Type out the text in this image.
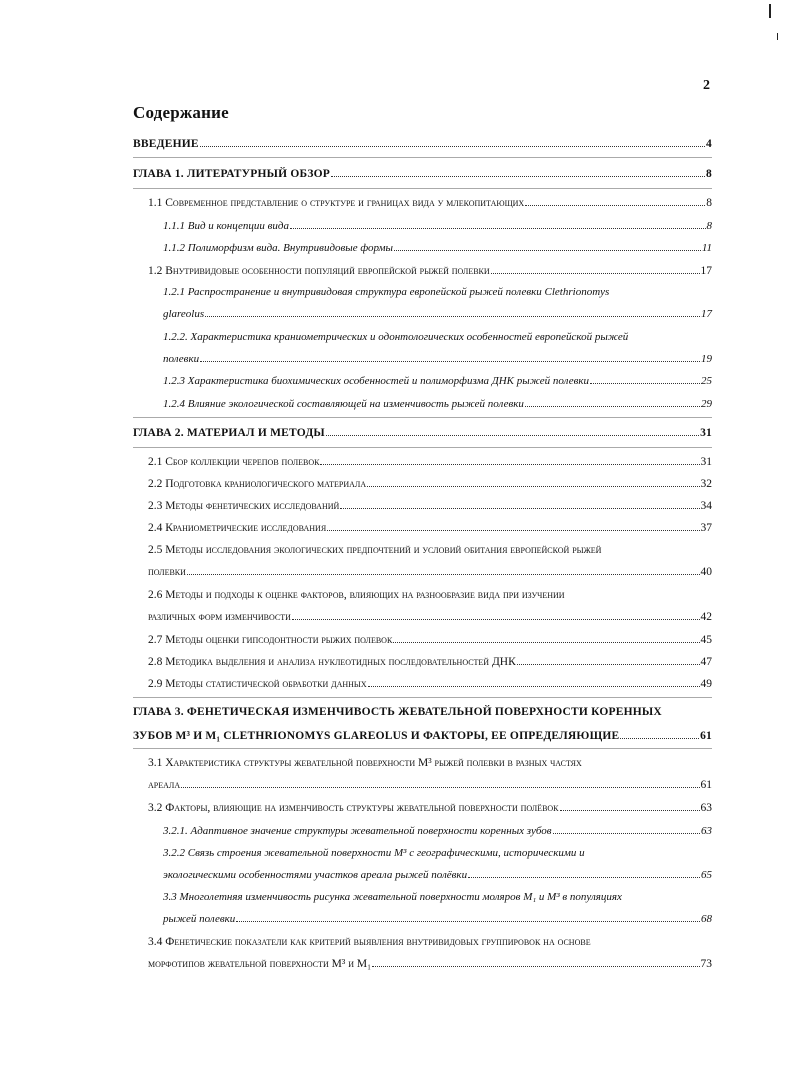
2
Содержание
ВВЕДЕНИЕ	4
ГЛАВА 1. ЛИТЕРАТУРНЫЙ ОБЗОР	8
1.1 Современное представление о структуре и границах вида у млекопитающих	8
1.1.1 Вид и концепции вида	8
1.1.2 Полиморфизм вида. Внутривидовые формы	11
1.2 Внутривидовые особенности популяций европейской рыжей полевки	17
1.2.1 Распространение и внутривидовая структура европейской рыжей полевки Clethrionomys
glareolus	17
1.2.2. Характеристика краниометрических и одонтологических особенностей европейской рыжей
полевки	19
1.2.3 Характеристика биохимических особенностей и полиморфизма ДНК рыжей полевки	25
1.2.4 Влияние экологической составляющей на изменчивость рыжей полевки	29
ГЛАВА 2. МАТЕРИАЛ И МЕТОДЫ	31
2.1 Сбор коллекции черепов полевок	31
2.2 Подготовка краниологического материала	32
2.3 Методы фенетических исследований	34
2.4 Краниометрические исследования	37
2.5 Методы исследования экологических предпочтений и условий обитания европейской рыжей
полевки	40
2.6 Методы и подходы к оценке факторов, влияющих на разнообразие вида при изучении
различных форм изменчивости	42
2.7 Методы оценки гипсодонтности рыжих полевок	45
2.8 Методика выделения и анализа нуклеотидных последовательностей ДНК	47
2.9 Методы статистической обработки данных	49
ГЛАВА 3. ФЕНЕТИЧЕСКАЯ ИЗМЕНЧИВОСТЬ ЖЕВАТЕЛЬНОЙ ПОВЕРХНОСТИ КОРЕННЫХ
ЗУБОВ M³ И M₁ CLETHRIONOMYS GLAREOLUS И ФАКТОРЫ, ЕЕ ОПРЕДЕЛЯЮЩИЕ	61
3.1 Характеристика структуры жевательной поверхности M³ рыжей полевки в разных частях
ареала	61
3.2 Факторы, влияющие на изменчивость структуры жевательной поверхности полёвок	63
3.2.1. Адаптивное значение структуры жевательной поверхности коренных зубов	63
3.2.2 Связь строения жевательной поверхности M³ с географическими, историческими и
экологическими особенностями участков ареала рыжей полёвки	65
3.3 Многолетняя изменчивость рисунка жевательной поверхности моляров M₁ и M³ в популяциях
рыжей полевки	68
3.4 Фенетические показатели как критерий выявления внутривидовых группировок на основе
морфотипов жевательной поверхности M³ и M₁	73
